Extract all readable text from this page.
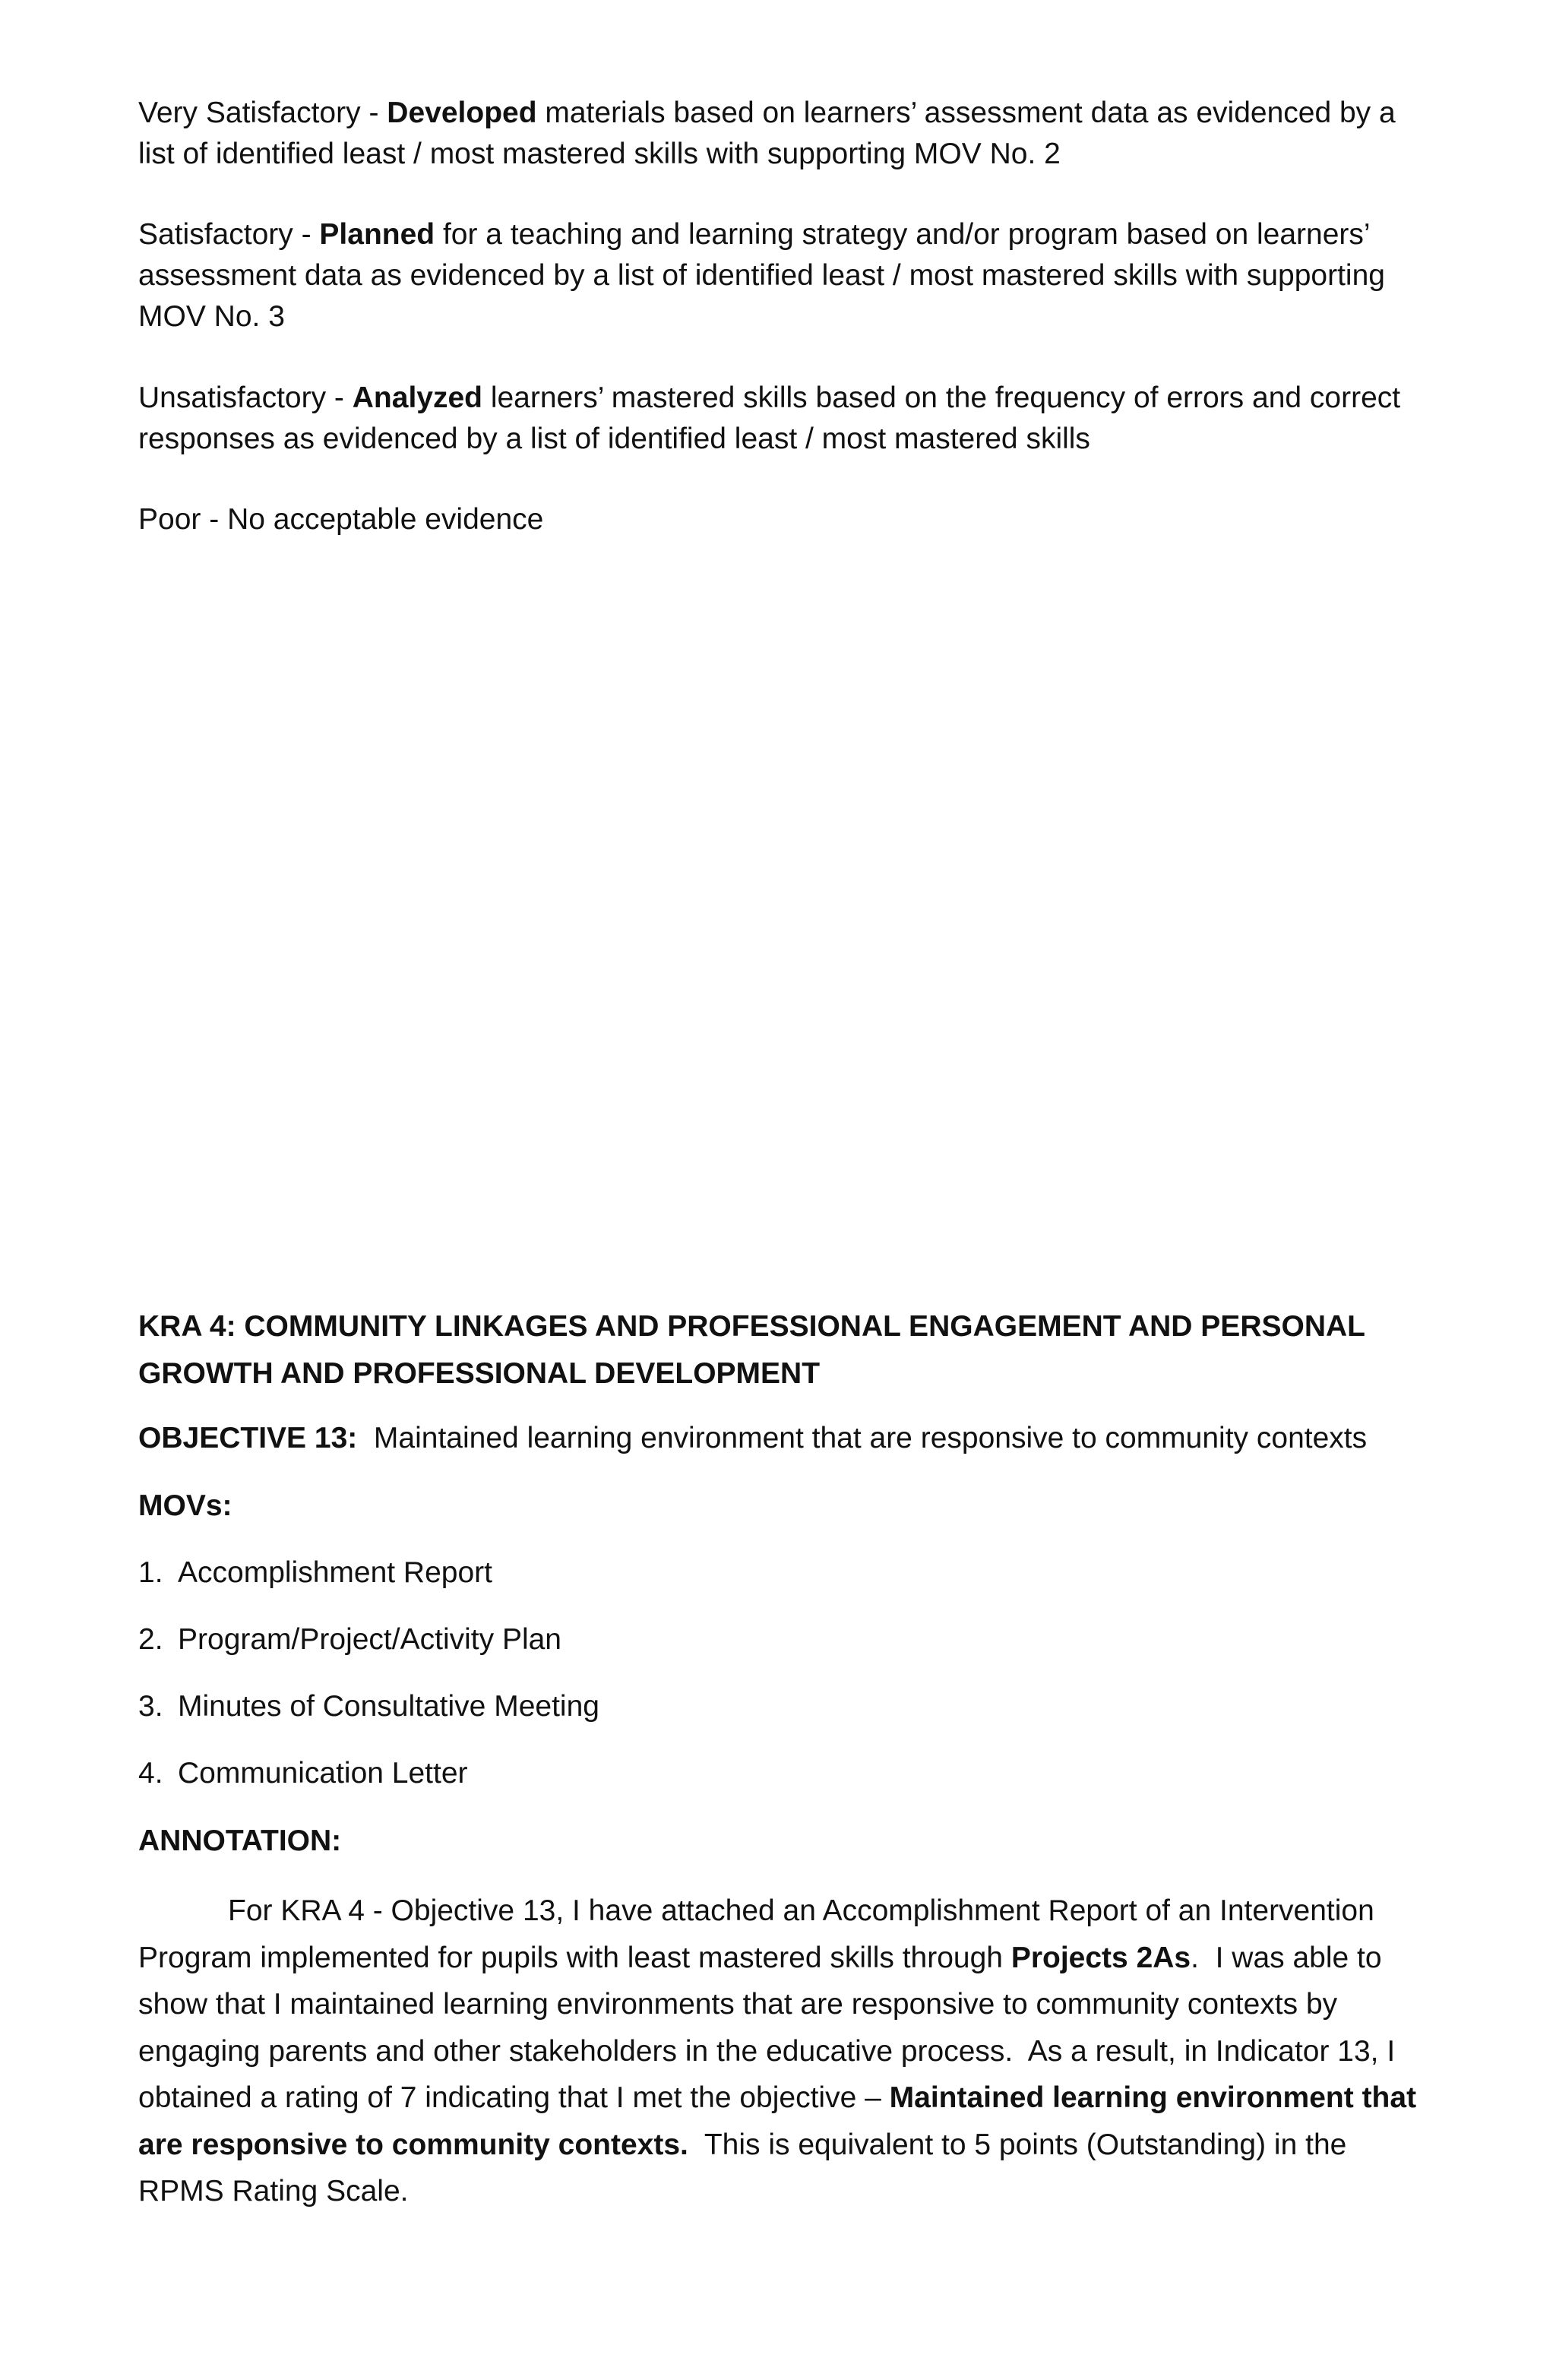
Very Satisfactory - Developed materials based on learners’ assessment data as evidenced by a list of identified least / most mastered skills with supporting MOV No. 2

Satisfactory - Planned for a teaching and learning strategy and/or program based on learners’ assessment data as evidenced by a list of identified least / most mastered skills with supporting MOV No. 3

Unsatisfactory - Analyzed learners’ mastered skills based on the frequency of errors and correct responses as evidenced by a list of identified least / most mastered skills

Poor - No acceptable evidence

KRA 4: COMMUNITY LINKAGES AND PROFESSIONAL ENGAGEMENT AND PERSONAL
GROWTH AND PROFESSIONAL DEVELOPMENT

OBJECTIVE 13:  Maintained learning environment that are responsive to community contexts

MOVs:

1. Accomplishment Report
2. Program/Project/Activity Plan
3. Minutes of Consultative Meeting
4. Communication Letter

ANNOTATION:

For KRA 4 - Objective 13, I have attached an Accomplishment Report of an Intervention Program implemented for pupils with least mastered skills through Projects 2As.  I was able to show that I maintained learning environments that are responsive to community contexts by engaging parents and other stakeholders in the educative process.  As a result, in Indicator 13, I obtained a rating of 7 indicating that I met the objective – Maintained learning environment that are responsive to community contexts.  This is equivalent to 5 points (Outstanding) in the RPMS Rating Scale.
